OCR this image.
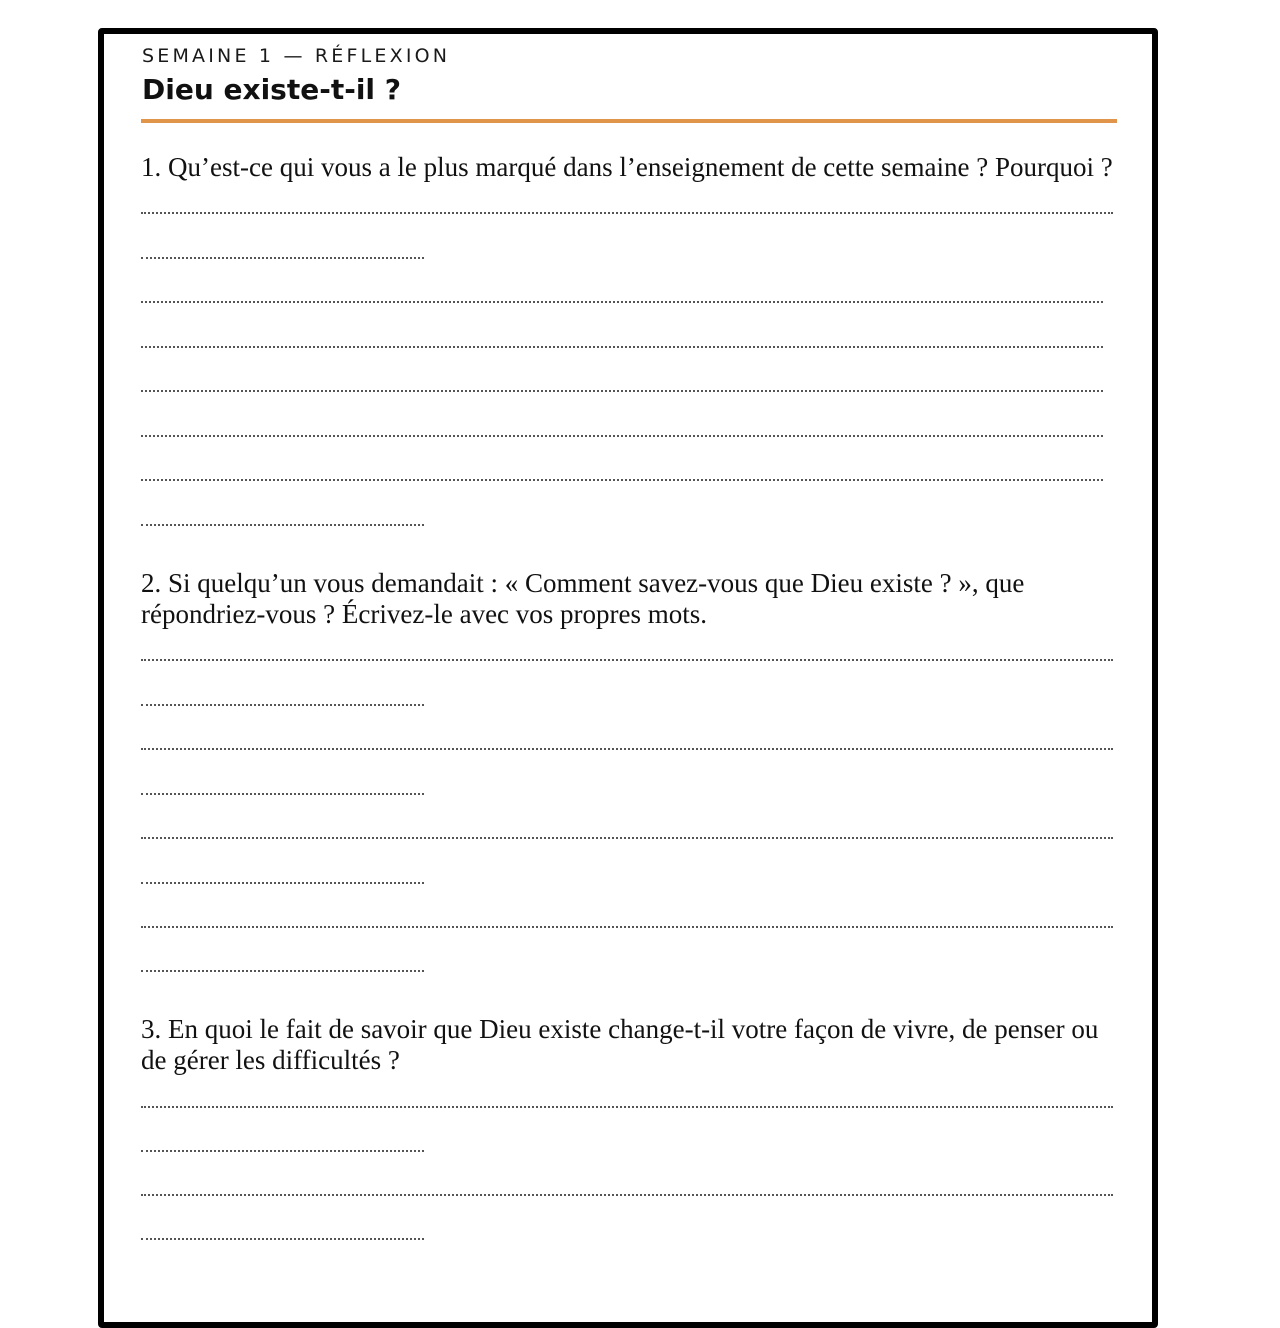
SEMAINE 1 — RÉFLEXION
Dieu existe-t-il ?
1. Qu’est-ce qui vous a le plus marqué dans l’enseignement de cette semaine ? Pourquoi ?
2. Si quelqu’un vous demandait : « Comment savez-vous que Dieu existe ? », que répondriez-vous ? Écrivez-le avec vos propres mots.
3. En quoi le fait de savoir que Dieu existe change-t-il votre façon de vivre, de penser ou de gérer les difficultés ?
